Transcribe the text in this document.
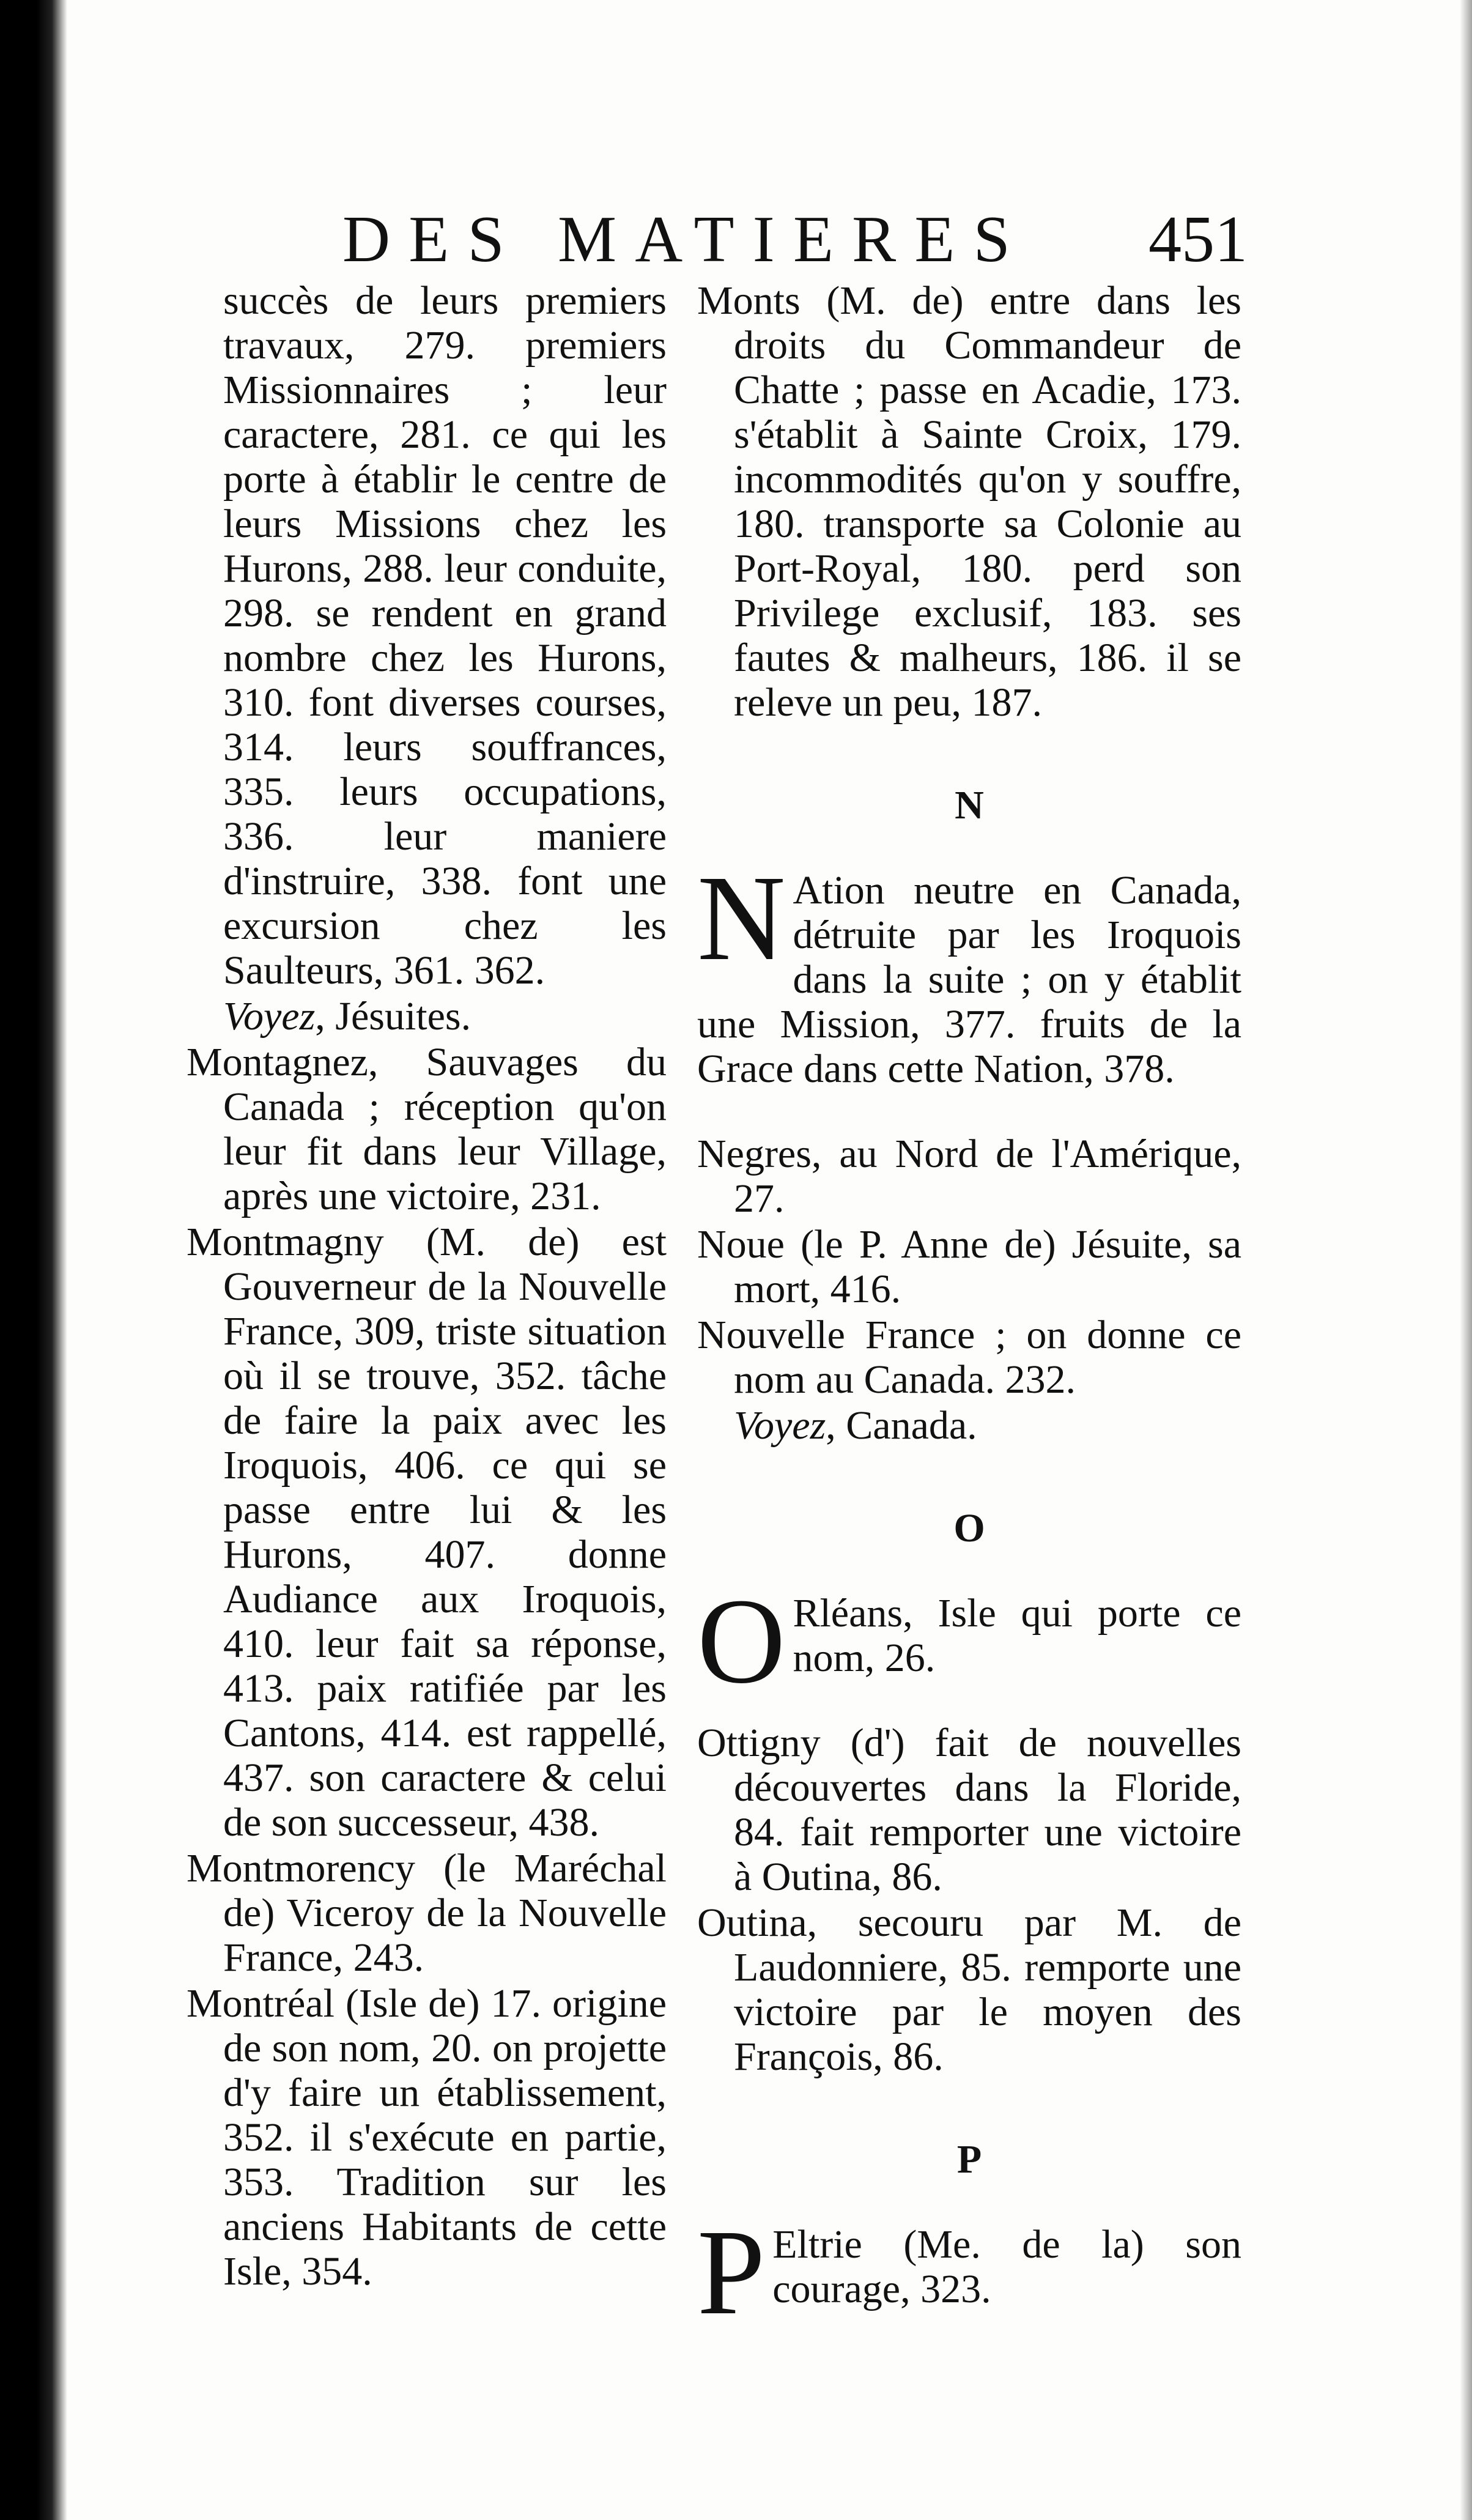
DES MATIERES 451

succès de leurs premiers travaux, 279. premiers Missionnaires ; leur caractere, 281. ce qui les porte à établir le centre de leurs Missions chez les Hurons, 288. leur conduite, 298. se rendent en grand nombre chez les Hurons, 310. font diverses courses, 314. leurs souffrances, 335. leurs occupations, 336. leur maniere d'instruire, 338. font une excursion chez les Saulteurs, 361. 362.

Voyez, Jésuites.

Montagnez, Sauvages du Canada ; réception qu'on leur fit dans leur Village, après une victoire, 231.

Montmagny (M. de) est Gouverneur de la Nouvelle France, 309, triste situation où il se trouve, 352. tâche de faire la paix avec les Iroquois, 406. ce qui se passe entre lui & les Hurons, 407. donne Audiance aux Iroquois, 410. leur fait sa réponse, 413. paix ratifiée par les Cantons, 414. est rappellé, 437. son caractere & celui de son successeur, 438.

Montmorency (le Maréchal de) Viceroy de la Nouvelle France, 243.

Montréal (Isle de) 17. origine de son nom, 20. on projette d'y faire un établissement, 352. il s'exécute en partie, 353. Tradition sur les anciens Habitants de cette Isle, 354.

Monts (M. de) entre dans les droits du Commandeur de Chatte ; passe en Acadie, 173. s'établit à Sainte Croix, 179. incommodités qu'on y souffre, 180. transporte sa Colonie au Port-Royal, 180. perd son Privilege exclusif, 183. ses fautes & malheurs, 186. il se releve un peu, 187.

N

N Ation neutre en Canada, détruite par les Iroquois dans la suite ; on y établit une Mission, 377. fruits de la Grace dans cette Nation, 378.

Negres, au Nord de l'Amérique, 27.

Noue (le P. Anne de) Jésuite, sa mort, 416.

Nouvelle France ; on donne ce nom au Canada. 232.

Voyez, Canada.

O

O Rléans, Isle qui porte ce nom, 26.

Ottigny (d') fait de nouvelles découvertes dans la Floride, 84. fait remporter une victoire à Outina, 86.

Outina, secouru par M. de Laudonniere, 85. remporte une victoire par le moyen des François, 86.

P

P Eltrie (Me. de la) son courage, 323.
